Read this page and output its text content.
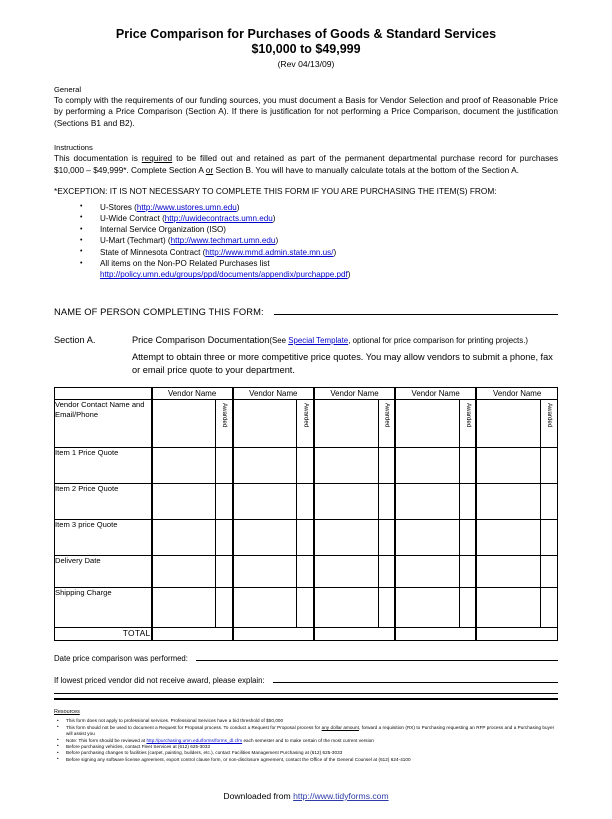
Price Comparison for Purchases of Goods & Standard Services
$10,000 to $49,999
(Rev 04/13/09)
General
To comply with the requirements of our funding sources, you must document a Basis for Vendor Selection and proof of Reasonable Price by performing a Price Comparison (Section A). If there is justification for not performing a Price Comparison, document the justification (Sections B1 and B2).
Instructions
This documentation is required to be filled out and retained as part of the permanent departmental purchase record for purchases $10,000 – $49,999*. Complete Section A or Section B. You will have to manually calculate totals at the bottom of the Section A.
*EXCEPTION: IT IS NOT NECESSARY TO COMPLETE THIS FORM IF YOU ARE PURCHASING THE ITEM(S) FROM:
• U-Stores (http://www.ustores.umn.edu)
• U-Wide Contract (http://uwidecontracts.umn.edu)
• Internal Service Organization (ISO)
• U-Mart (Techmart) (http://www.techmart.umn.edu)
• State of Minnesota Contract (http://www.mmd.admin.state.mn.us/)
• All items on the Non-PO Related Purchases list
http://policy.umn.edu/groups/ppd/documents/appendix/purchappe.pdf)
NAME OF PERSON COMPLETING THIS FORM:
Section A.	Price Comparison Documentation(See Special Template, optional for price comparison for printing projects.)
Attempt to obtain three or more competitive price quotes. You may allow vendors to submit a phone, fax or email price quote to your department.
	Vendor Name		Vendor Name		Vendor Name		Vendor Name		Vendor Name	
Vendor Contact Name and Email/Phone		Awarded		Awarded		Awarded		Awarded		Awarded

Item 1 Price Quote										
Item 2 Price Quote										
Item 3 price Quote										
Delivery Date										
Shipping Charge										
TOTAL										
Date price comparison was performed:
If lowest priced vendor did not receive award, please explain:
Resources
• This form does not apply to professional services. Professional Services have a bid threshold of $50,000
• This form should not be used to document a Request for Proposal process. To conduct a Request for Proposal process for any dollar amount, forward a requisition (RX) to Purchasing requesting an RFP process and a Purchasing buyer will assist you
• Note: This form should be reviewed at http://purchasing.umn.edu/forms/forms_dl.cfm each semester and to make certain of the most current version
• Before purchasing vehicles, contact Fleet Services at (612) 625-3033
• Before purchasing changes to facilities (carpet, painting, builders, etc.), contact Facilities Management Purchasing at (612) 625-3033
• Before signing any software license agreement, export control clause form, or non-disclosure agreement, contact the Office of the General Counsel at (612) 624-4100
Downloaded from http://www.tidyforms.com
